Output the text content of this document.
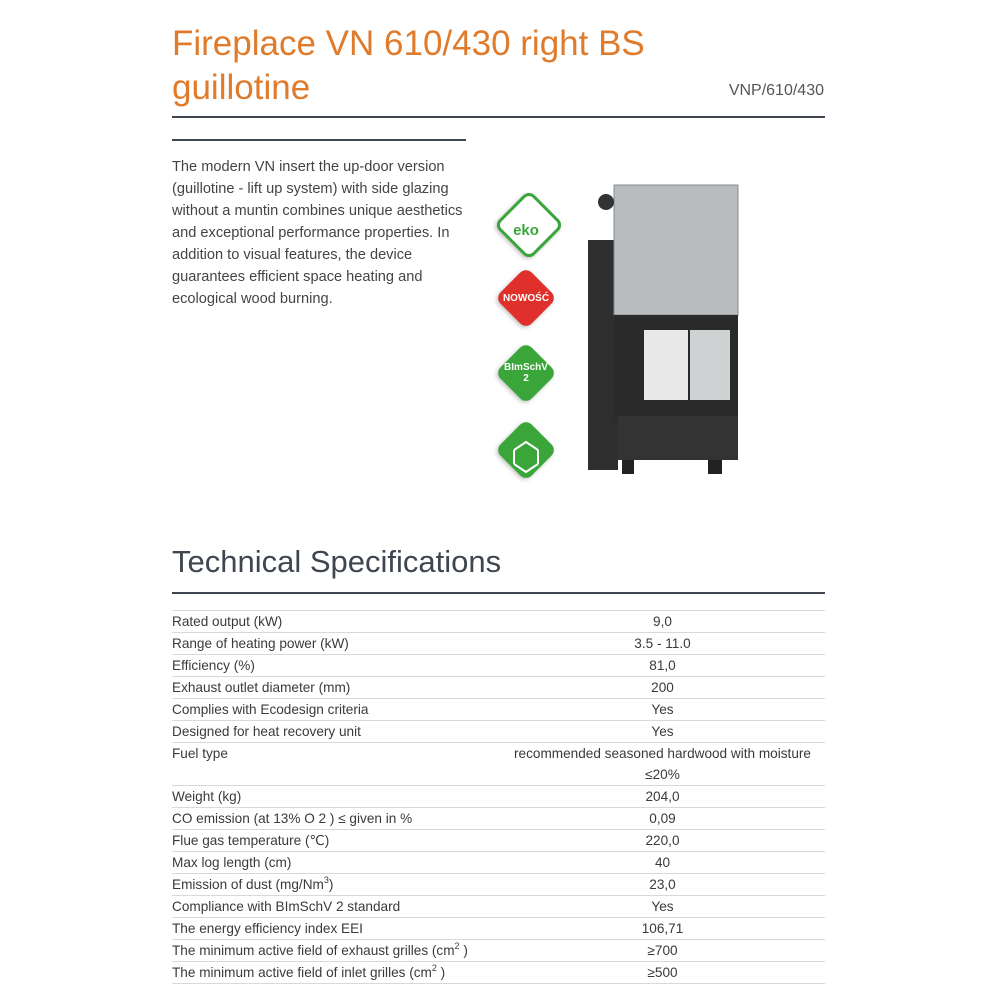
Fireplace VN 610/430 right BS guillotine	VNP/610/430

The modern VN insert the up-door version (guillotine - lift up system) with side glazing without a muntin combines unique aesthetics and exceptional performance properties. In addition to visual features, the device guarantees efficient space heating and ecological wood burning.

eko
NOWOŚĆ
BImSchV
2
Technical Specifications
Rated output (kW)	9,0
Range of heating power (kW)	3.5 - 11.0
Efficiency (%)	81,0
Exhaust outlet diameter (mm)	200
Complies with Ecodesign criteria	Yes
Designed for heat recovery unit	Yes
Fuel type	recommended seasoned hardwood with moisture ≤20%
Weight (kg)	204,0
CO emission (at 13% O 2 ) ≤ given in %	0,09
Flue gas temperature (℃)	220,0
Max log length (cm)	40
Emission of dust (mg/Nm$^3$)	23,0
Compliance with BImSchV 2 standard	Yes
The energy efficiency index EEI	106,71
The minimum active field of exhaust grilles ($cm^2$ )	≥700
The minimum active field of inlet grilles ($cm^2$ )	≥500
